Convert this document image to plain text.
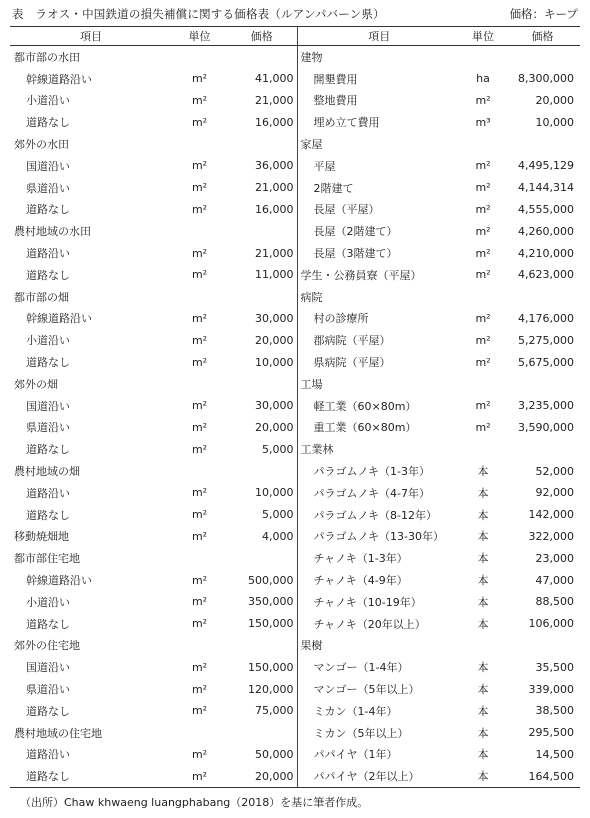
表　ラオス・中国鉄道の損失補償に関する価格表（ルアンパバーン県）	価格：キープ
項目	単位	価格	項目	単位	価格
都市部の水田			建物		
幹線道路沿い	m²	41,000	開墾費用	ha	8,300,000
小道沿い	m²	21,000	整地費用	m²	20,000
道路なし	m²	16,000	埋め立て費用	m³	10,000
郊外の水田			家屋		
国道沿い	m²	36,000	平屋	m²	4,495,129
県道沿い	m²	21,000	2階建て	m²	4,144,314
道路なし	m²	16,000	長屋（平屋）	m²	4,555,000
農村地域の水田			長屋（2階建て）	m²	4,260,000
道路沿い	m²	21,000	長屋（3階建て）	m²	4,210,000
道路なし	m²	11,000	学生・公務員寮（平屋）	m²	4,623,000
都市部の畑			病院		
幹線道路沿い	m²	30,000	村の診療所	m²	4,176,000
小道沿い	m²	20,000	郡病院（平屋）	m²	5,275,000
道路なし	m²	10,000	県病院（平屋）	m²	5,675,000
郊外の畑			工場		
国道沿い	m²	30,000	軽工業（60×80m）	m²	3,235,000
県道沿い	m²	20,000	重工業（60×80m）	m²	3,590,000
道路なし	m²	5,000	工業林		
農村地域の畑			パラゴムノキ（1-3年）	本	52,000
道路沿い	m²	10,000	パラゴムノキ（4-7年）	本	92,000
道路なし	m²	5,000	パラゴムノキ（8-12年）	本	142,000
移動焼畑地	m²	4,000	パラゴムノキ（13-30年）	本	322,000
都市部住宅地			チャノキ（1-3年）	本	23,000
幹線道路沿い	m²	500,000	チャノキ（4-9年）	本	47,000
小道沿い	m²	350,000	チャノキ（10-19年）	本	88,500
道路なし	m²	150,000	チャノキ（20年以上）	本	106,000
郊外の住宅地			果樹		
国道沿い	m²	150,000	マンゴー（1-4年）	本	35,500
県道沿い	m²	120,000	マンゴー（5年以上）	本	339,000
道路なし	m²	75,000	ミカン（1-4年）	本	38,500
農村地域の住宅地			ミカン（5年以上）	本	295,500
道路沿い	m²	50,000	パパイヤ（1年）	本	14,500
道路なし	m²	20,000	パパイヤ（2年以上）	本	164,500
（出所）Chaw khwaeng luangphabang（2018）を基に筆者作成。
